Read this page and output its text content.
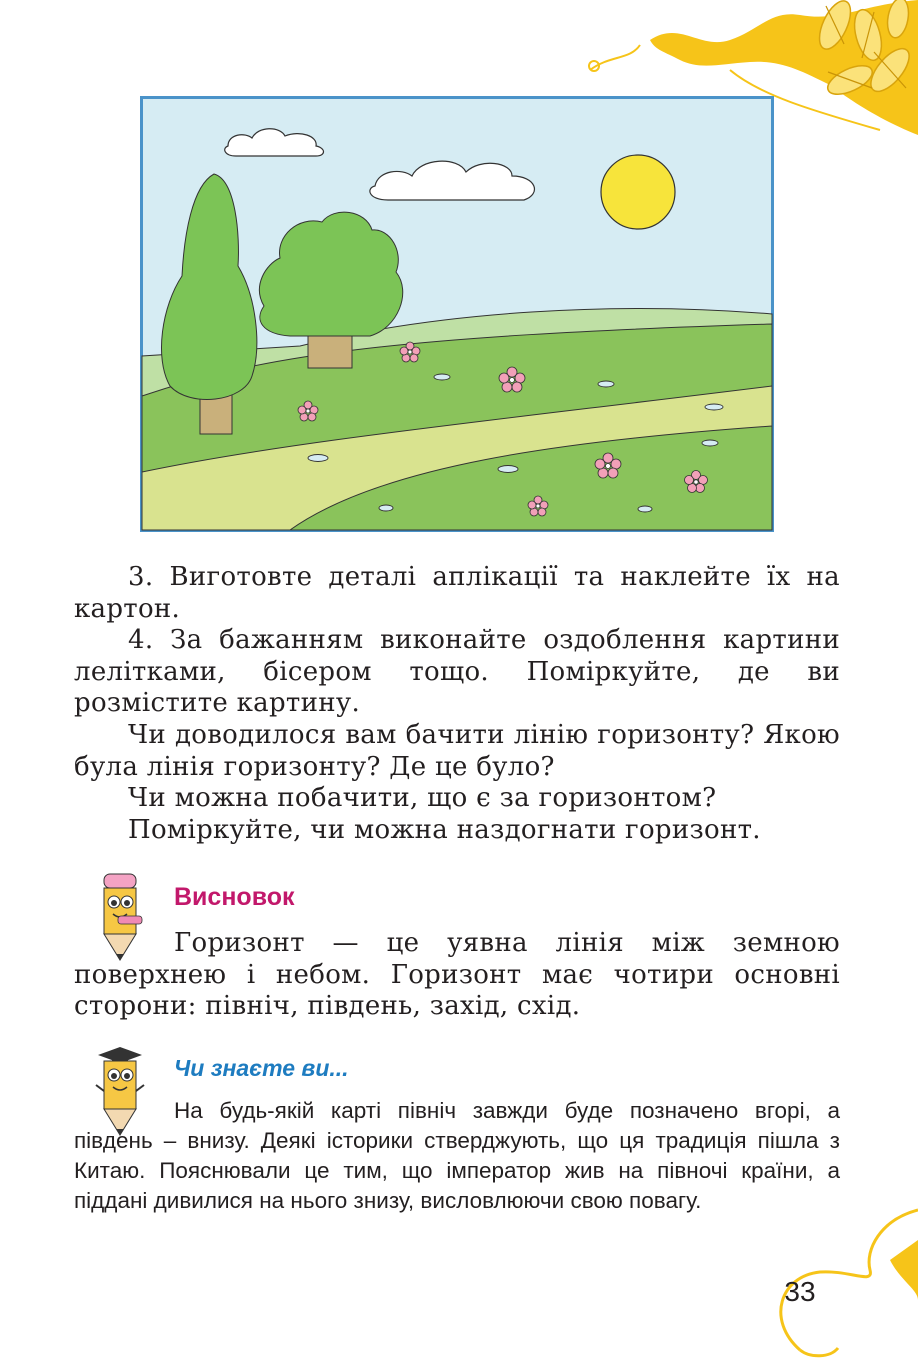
3. Виготовте деталі аплікації та наклейте їх на картон.

4. За бажанням виконайте оздоблення картини лелітками, бісером тощо. Поміркуйте, де ви розмістите картину.

Чи доводилося вам бачити лінію горизонту? Якою була лінія горизонту? Де це було?

Чи можна побачити, що є за горизонтом?

Поміркуйте, чи можна наздогнати горизонт.

Висновок

Горизонт — це уявна лінія між земною поверхнею і небом. Горизонт має чотири основні сторони: північ, південь, захід, схід.

Чи знаєте ви...

На будь-якій карті північ завжди буде позначено вгорі, а південь – внизу. Деякі історики стверджують, що ця традиція пішла з Китаю. Пояснювали це тим, що імператор жив на півночі країни, а піддані дивилися на нього знизу, висловлюючи свою повагу.

33
